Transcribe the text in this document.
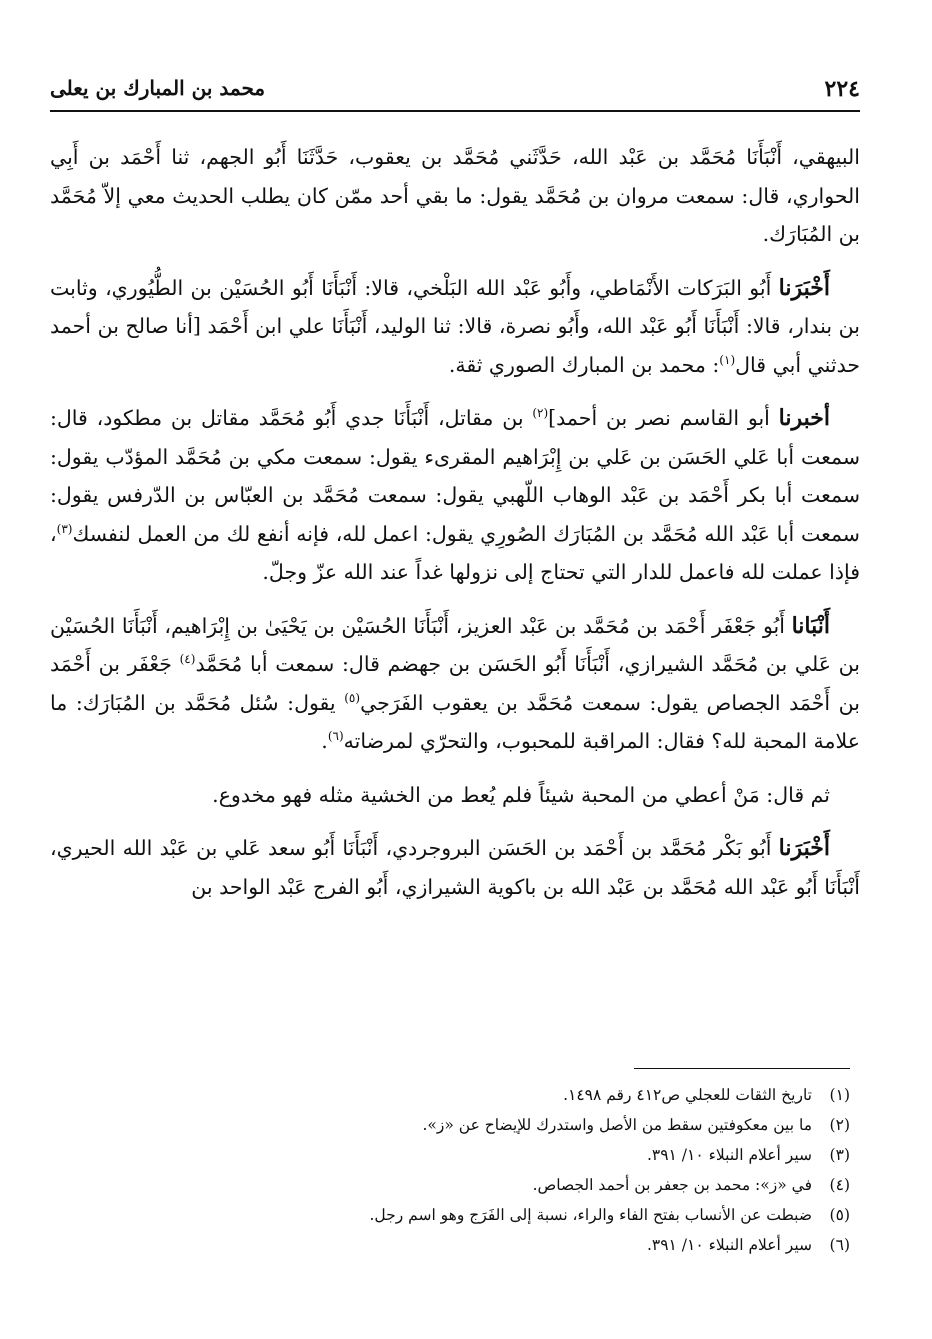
٢٢٤
محمد بن المبارك بن يعلى

البيهقي، أَنْبَأَنَا مُحَمَّد بن عَبْد الله، حَدَّثَني مُحَمَّد بن يعقوب، حَدَّثَنَا أَبُو الجهم، ثنا أَحْمَد بن أَبِي الحواري، قال: سمعت مروان بن مُحَمَّد يقول: ما بقي أحد ممّن كان يطلب الحديث معي إلاّ مُحَمَّد بن المُبَارَك.

أَخْبَرَنا أَبُو البَرَكات الأَنْمَاطي، وأَبُو عَبْد الله البَلْخي، قالا: أَنْبَأَنَا أَبُو الحُسَيْن بن الطُّيُوري، وثابت بن بندار، قالا: أَنْبَأَنَا أَبُو عَبْد الله، وأَبُو نصرة، قالا: ثنا الوليد، أَنْبَأَنَا علي ابن أَحْمَد [أنا صالح بن أحمد حدثني أبي قال$^{(١)}$: محمد بن المبارك الصوري ثقة.

أخبرنا أبو القاسم نصر بن أحمد]$^{(٢)}$ بن مقاتل، أَنْبَأَنَا جدي أَبُو مُحَمَّد مقاتل بن مطكود، قال: سمعت أبا عَلي الحَسَن بن عَلي بن إِبْرَاهيم المقرىء يقول: سمعت مكي بن مُحَمَّد المؤدّب يقول: سمعت أبا بكر أَحْمَد بن عَبْد الوهاب اللّهبي يقول: سمعت مُحَمَّد بن العبّاس بن الدّرفس يقول: سمعت أبا عَبْد الله مُحَمَّد بن المُبَارَك الصُورِي يقول: اعمل لله، فإنه أنفع لك من العمل لنفسك$^{(٣)}$، فإذا عملت لله فاعمل للدار التي تحتاج إلى نزولها غداً عند الله عزّ وجلّ.

أَنْبَانا أَبُو جَعْفَر أَحْمَد بن مُحَمَّد بن عَبْد العزيز، أَنْبَأَنَا الحُسَيْن بن يَحْيَىٰ بن إِبْرَاهيم، أَنْبَأَنَا الحُسَيْن بن عَلي بن مُحَمَّد الشيرازي، أَنْبَأَنَا أَبُو الحَسَن بن جهضم قال: سمعت أبا مُحَمَّد$^{(٤)}$ جَعْفَر بن أَحْمَد بن أَحْمَد الجصاص يقول: سمعت مُحَمَّد بن يعقوب الفَرَجي$^{(٥)}$ يقول: سُئل مُحَمَّد بن المُبَارَك: ما علامة المحبة لله؟ فقال: المراقبة للمحبوب، والتحرّي لمرضاته$^{(٦)}$.

ثم قال: مَنْ أعطي من المحبة شيئاً فلم يُعط من الخشية مثله فهو مخدوع.

أَخْبَرَنا أَبُو بَكْر مُحَمَّد بن أَحْمَد بن الحَسَن البروجردي، أَنْبَأَنَا أَبُو سعد عَلي بن عَبْد الله الحيري، أَنْبَأَنَا أَبُو عَبْد الله مُحَمَّد بن عَبْد الله بن باكوية الشيرازي، أَبُو الفرج عَبْد الواحد بن

(١)تاريخ الثقات للعجلي ص٤١٢ رقم ١٤٩٨.
(٢)ما بين معكوفتين سقط من الأصل واستدرك للإيضاح عن «ز».
(٣)سير أعلام النبلاء ١٠/ ٣٩١.
(٤)في «ز»: محمد بن جعفر بن أحمد الجصاص.
(٥)ضبطت عن الأنساب بفتح الفاء والراء، نسبة إلى الفَرَج وهو اسم رجل.
(٦)سير أعلام النبلاء ١٠/ ٣٩١.
